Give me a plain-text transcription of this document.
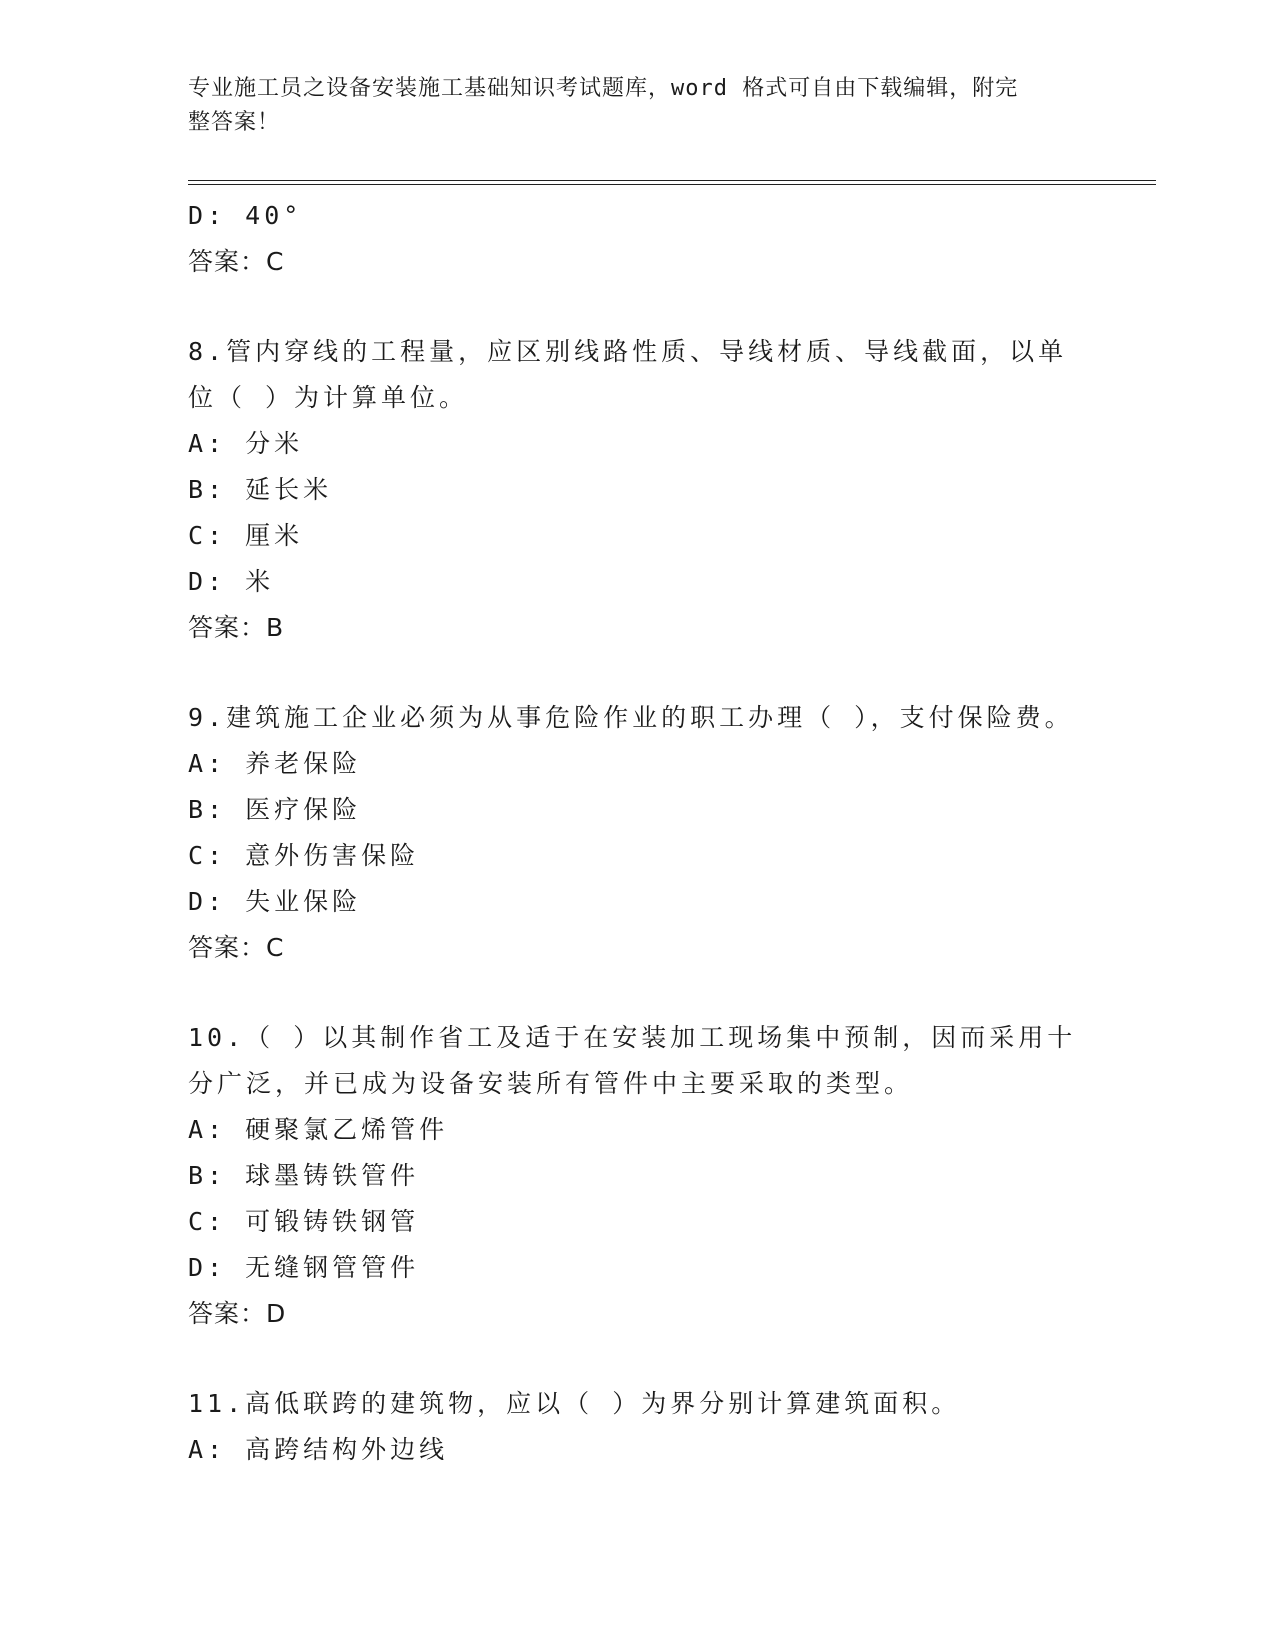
专业施工员之设备安装施工基础知识考试题库，word 格式可自由下载编辑，附完
整答案！
D: 40°
答案：C
8.管内穿线的工程量，应区别线路性质、导线材质、导线截面，以单
位（ ）为计算单位。
A: 分米
B: 延长米
C: 厘米
D: 米
答案：B
9.建筑施工企业必须为从事危险作业的职工办理（ ），支付保险费。
A: 养老保险
B: 医疗保险
C: 意外伤害保险
D: 失业保险
答案：C
10.（ ）以其制作省工及适于在安装加工现场集中预制，因而采用十
分广泛，并已成为设备安装所有管件中主要采取的类型。
A: 硬聚氯乙烯管件
B: 球墨铸铁管件
C: 可锻铸铁钢管
D: 无缝钢管管件
答案：D
11.高低联跨的建筑物，应以（ ）为界分别计算建筑面积。
A: 高跨结构外边线
